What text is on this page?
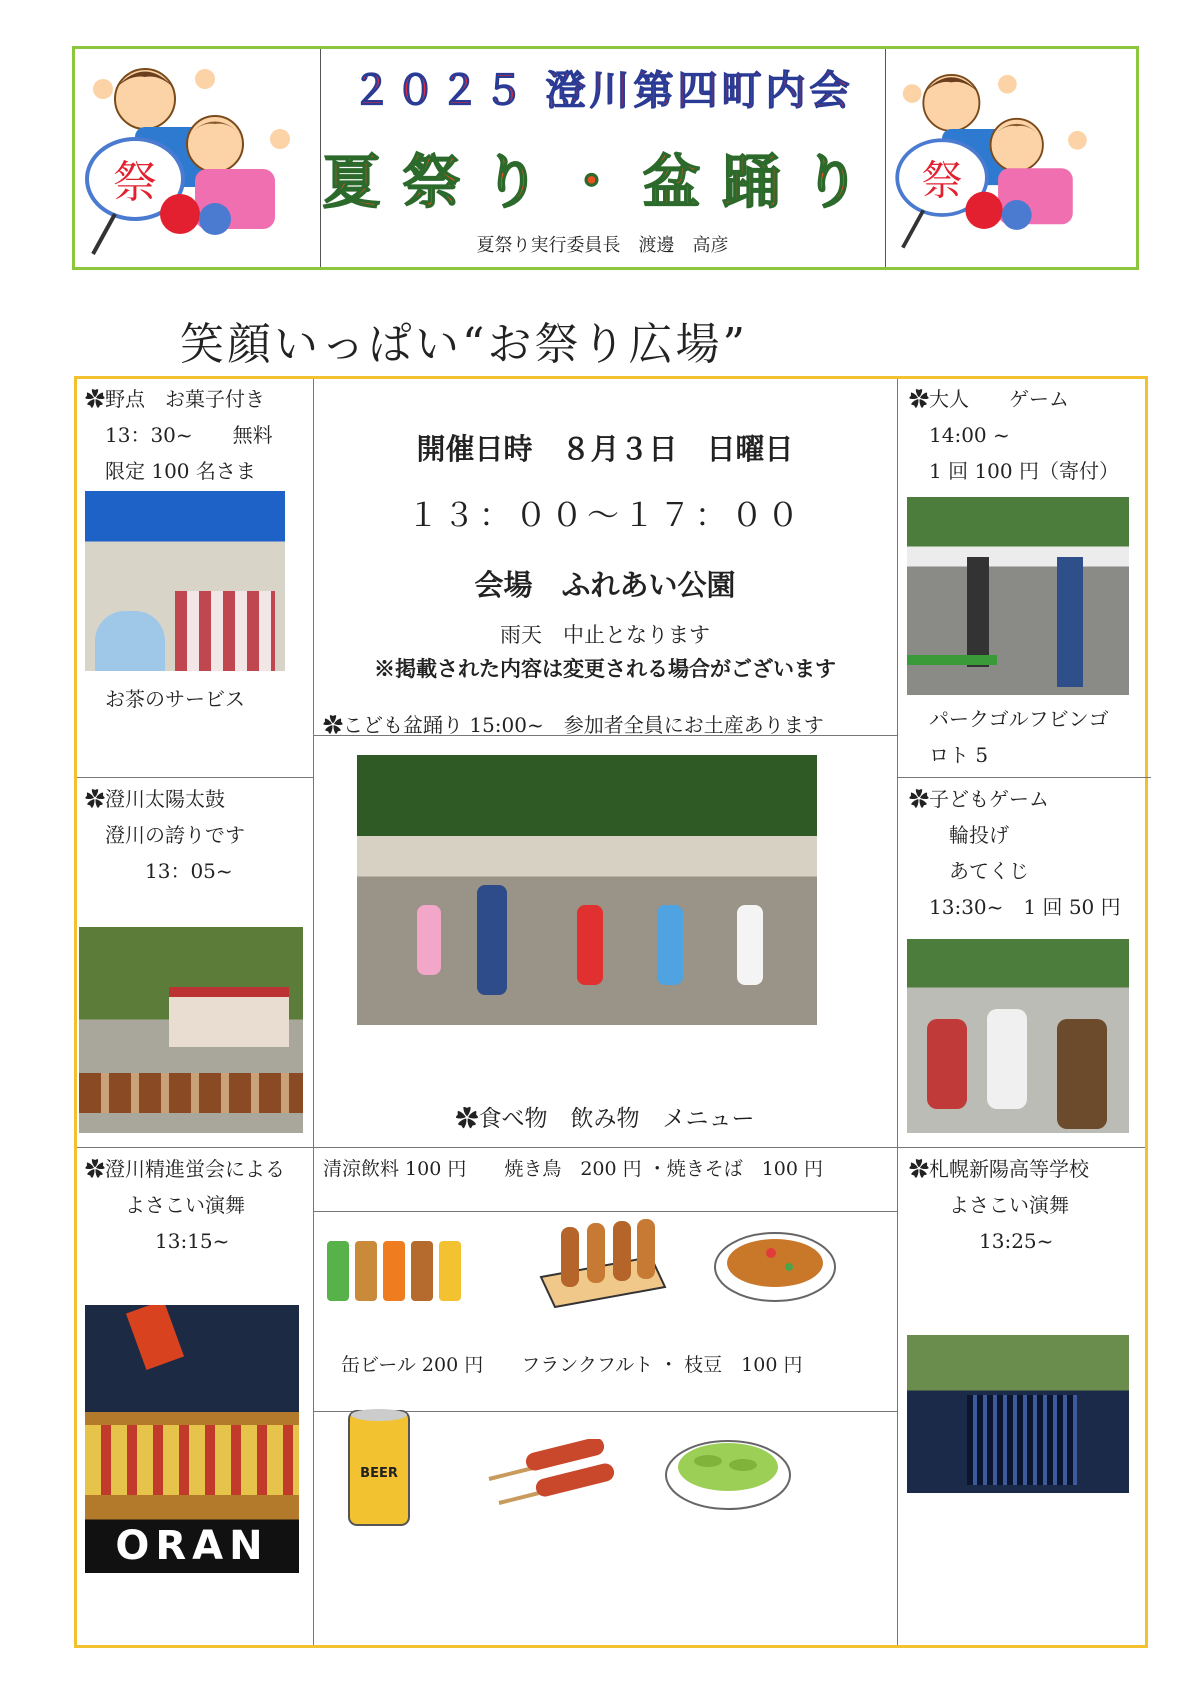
祭
２０２５ 澄川第四町内会
夏祭り・盆踊り
夏祭り実行委員長　渡邊　高彦
祭
笑顔いっぱい“お祭り広場”
✿野点　お菓子付き
13：30~　　無料
限定 100 名さま
お茶のサービス
✿澄川太陽太鼓
澄川の誇りです
13：05~
✿澄川精進蛍会による
よさこい演舞
13:15~
ORAN
開催日時　８月３日　日曜日
１３：００～１７：００
会場　ふれあい公園
雨天　中止となります
※掲載された内容は変更される場合がございます
✿こども盆踊り 15:00~　参加者全員にお土産あります
✿食べ物　飲み物　メニュー
清涼飲料 100 円　　焼き鳥　200 円 ・焼きそば　100 円
缶ビール 200 円　　フランクフルト ・ 枝豆　100 円
BEER
✿大人　　ゲーム
14:00 ~
1 回 100 円（寄付）
パークゴルフビンゴ
ロト 5
✿子どもゲーム
輪投げ
あてくじ
13:30~　1 回 50 円
✿札幌新陽高等学校
よさこい演舞
13:25~
